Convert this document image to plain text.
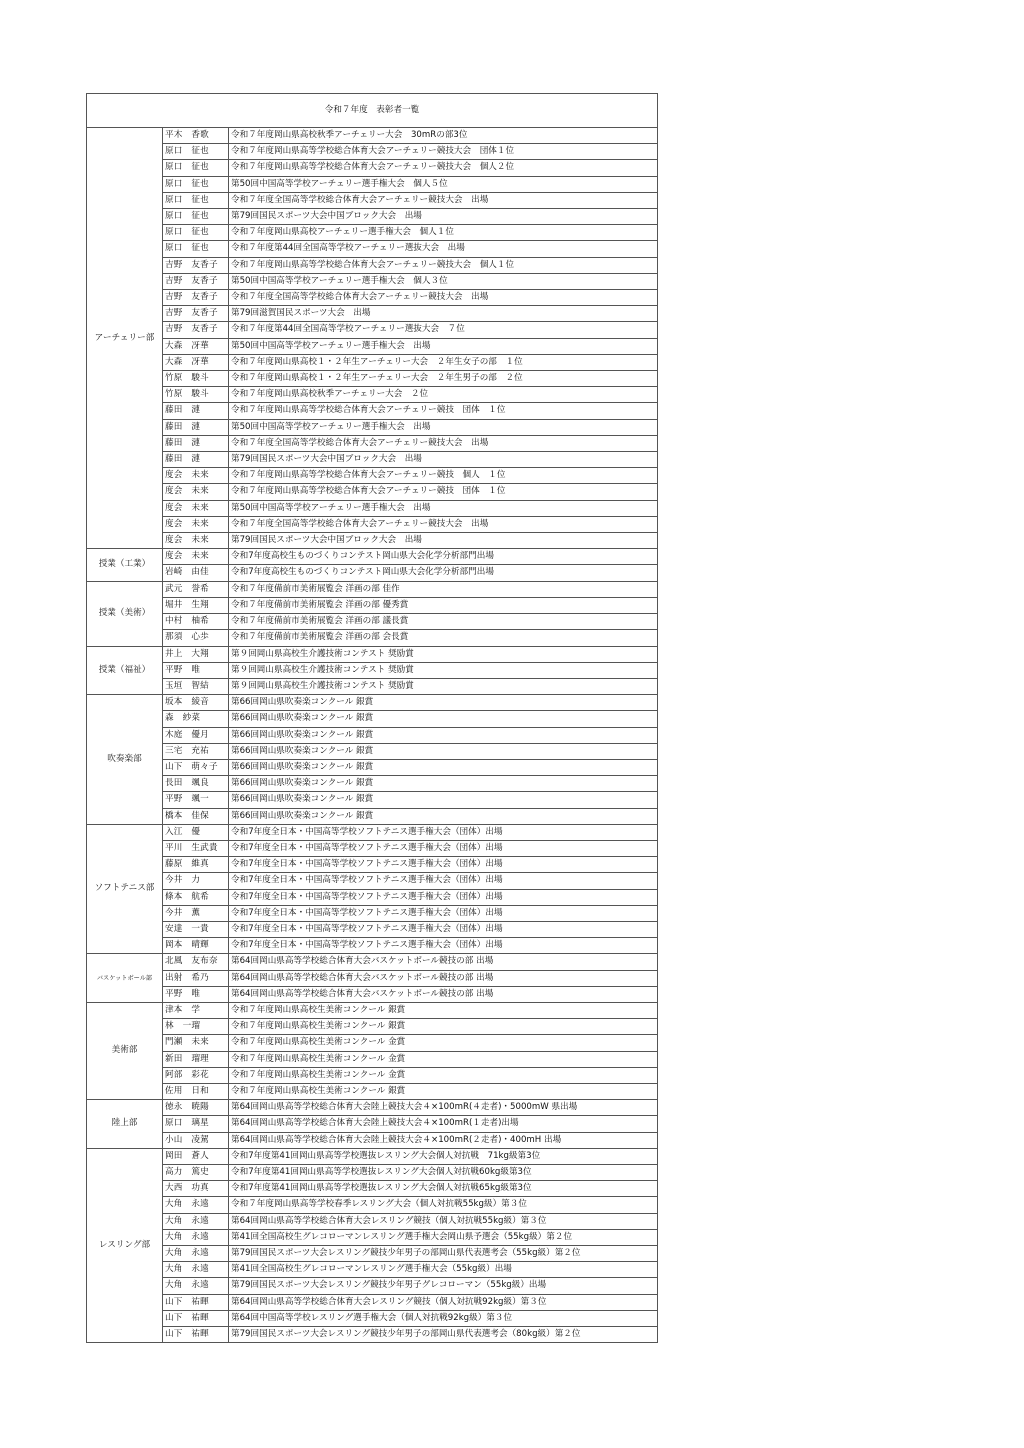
令和７年度　表彰者一覧		
アーチェリー部	平木　香歌	令和７年度岡山県高校秋季アーチェリー大会　30mRの部3位
	原口　征也	令和７年度岡山県高等学校総合体育大会アーチェリー競技大会　団体１位
	原口　征也	令和７年度岡山県高等学校総合体育大会アーチェリー競技大会　個人２位
	原口　征也	第50回中国高等学校アーチェリー選手権大会　個人５位
	原口　征也	令和７年度全国高等学校総合体育大会アーチェリー競技大会　出場
	原口　征也	第79回国民スポーツ大会中国ブロック大会　出場
	原口　征也	令和７年度岡山県高校アーチェリー選手権大会　個人１位
	原口　征也	令和７年度第44回全国高等学校アーチェリー選抜大会　出場
	吉野　友香子	令和７年度岡山県高等学校総合体育大会アーチェリー競技大会　個人１位
	吉野　友香子	第50回中国高等学校アーチェリー選手権大会　個人３位
	吉野　友香子	令和７年度全国高等学校総合体育大会アーチェリー競技大会　出場
	吉野　友香子	第79回滋賀国民スポーツ大会　出場
	吉野　友香子	令和７年度第44回全国高等学校アーチェリー選抜大会　７位
	大森　冴華	第50回中国高等学校アーチェリー選手権大会　出場
	大森　冴華	令和７年度岡山県高校１・２年生アーチェリー大会　２年生女子の部　１位
	竹原　駿斗	令和７年度岡山県高校１・２年生アーチェリー大会　２年生男子の部　２位
	竹原　駿斗	令和７年度岡山県高校秋季アーチェリー大会　２位
	藤田　漣	令和７年度岡山県高等学校総合体育大会アーチェリー競技　団体　１位
	藤田　漣	第50回中国高等学校アーチェリー選手権大会　出場
	藤田　漣	令和７年度全国高等学校総合体育大会アーチェリー競技大会　出場
	藤田　漣	第79回国民スポーツ大会中国ブロック大会　出場
	度会　未来	令和７年度岡山県高等学校総合体育大会アーチェリー競技　個人　１位
	度会　未来	令和７年度岡山県高等学校総合体育大会アーチェリー競技　団体　１位
	度会　未来	第50回中国高等学校アーチェリー選手権大会　出場
	度会　未来	令和７年度全国高等学校総合体育大会アーチェリー競技大会　出場
	度会　未来	第79回国民スポーツ大会中国ブロック大会　出場
授業（工業）	度会　未来	令和7年度高校生ものづくりコンテスト岡山県大会化学分析部門出場
	岩崎　由佳	令和7年度高校生ものづくりコンテスト岡山県大会化学分析部門出場
授業（美術）	武元　誉希	令和７年度備前市美術展覧会 洋画の部 佳作
	堀井　生翔	令和７年度備前市美術展覧会 洋画の部 優秀賞
	中村　柚希	令和７年度備前市美術展覧会 洋画の部 議長賞
	那須　心歩	令和７年度備前市美術展覧会 洋画の部 会長賞
授業（福祉）	井上　大翔	第９回岡山県高校生介護技術コンテスト 奨励賞
	平野　唯	第９回岡山県高校生介護技術コンテスト 奨励賞
	玉垣　智結	第９回岡山県高校生介護技術コンテスト 奨励賞
吹奏楽部	坂本　綾音	第66回岡山県吹奏楽コンクール 銀賞
	森　紗菜	第66回岡山県吹奏楽コンクール 銀賞
	木庭　優月	第66回岡山県吹奏楽コンクール 銀賞
	三宅　充祐	第66回岡山県吹奏楽コンクール 銀賞
	山下　萌々子	第66回岡山県吹奏楽コンクール 銀賞
	長田　颯良	第66回岡山県吹奏楽コンクール 銀賞
	平野　颯一	第66回岡山県吹奏楽コンクール 銀賞
	橋本　佳保	第66回岡山県吹奏楽コンクール 銀賞
ソフトテニス部	入江　優	令和7年度全日本・中国高等学校ソフトテニス選手権大会（団体）出場
	平川　生武貴	令和7年度全日本・中国高等学校ソフトテニス選手権大会（団体）出場
	藤原　維真	令和7年度全日本・中国高等学校ソフトテニス選手権大会（団体）出場
	今井　力	令和7年度全日本・中国高等学校ソフトテニス選手権大会（団体）出場
	條本　航希	令和7年度全日本・中国高等学校ソフトテニス選手権大会（団体）出場
	今井　薫	令和7年度全日本・中国高等学校ソフトテニス選手権大会（団体）出場
	安達　一貴	令和7年度全日本・中国高等学校ソフトテニス選手権大会（団体）出場
	岡本　晴輝	令和7年度全日本・中国高等学校ソフトテニス選手権大会（団体）出場
バスケットボール部	北風　友布奈	第64回岡山県高等学校総合体育大会バスケットボール競技の部 出場
	出射　希乃	第64回岡山県高等学校総合体育大会バスケットボール競技の部 出場
	平野　唯	第64回岡山県高等学校総合体育大会バスケットボール競技の部 出場
美術部	津本　学	令和７年度岡山県高校生美術コンクール 銀賞
	林　一瑠	令和７年度岡山県高校生美術コンクール 銀賞
	門瀬　未来	令和７年度岡山県高校生美術コンクール 金賞
	新田　瑠理	令和７年度岡山県高校生美術コンクール 金賞
	阿部　彩花	令和７年度岡山県高校生美術コンクール 金賞
	佐用　日和	令和７年度岡山県高校生美術コンクール 銀賞
陸上部	徳永　暁陽	第64回岡山県高等学校総合体育大会陸上競技大会４×100mR(４走者)・5000mW 県出場
	原口　璃星	第64回岡山県高等学校総合体育大会陸上競技大会４×100mR(１走者)出場
	小山　凌駕	第64回岡山県高等学校総合体育大会陸上競技大会４×100mR(２走者)・400mH 出場
レスリング部	岡田　蒼人	令和7年度第41回岡山県高等学校選抜レスリング大会個人対抗戦　71kg級第3位
	高力　篤史	令和7年度第41回岡山県高等学校選抜レスリング大会個人対抗戦60kg級第3位
	大西　功真	令和7年度第41回岡山県高等学校選抜レスリング大会個人対抗戦65kg級第3位
	大角　永遠	令和７年度岡山県高等学校春季レスリング大会（個人対抗戦55kg級）第３位
	大角　永遠	第64回岡山県高等学校総合体育大会レスリング競技（個人対抗戦55kg級）第３位
	大角　永遠	第41回全国高校生グレコローマンレスリング選手権大会岡山県予選会（55kg級）第２位
	大角　永遠	第79回国民スポーツ大会レスリング競技少年男子の部岡山県代表選考会（55kg級）第２位
	大角　永遠	第41回全国高校生グレコローマンレスリング選手権大会（55kg級）出場
	大角　永遠	第79回国民スポーツ大会レスリング競技少年男子グレコローマン（55kg級）出場
	山下　祐暉	第64回岡山県高等学校総合体育大会レスリング競技（個人対抗戦92kg級）第３位
	山下　祐暉	第64回中国高等学校レスリング選手権大会（個人対抗戦92kg級）第３位
	山下　祐暉	第79回国民スポーツ大会レスリング競技少年男子の部岡山県代表選考会（80kg級）第２位
